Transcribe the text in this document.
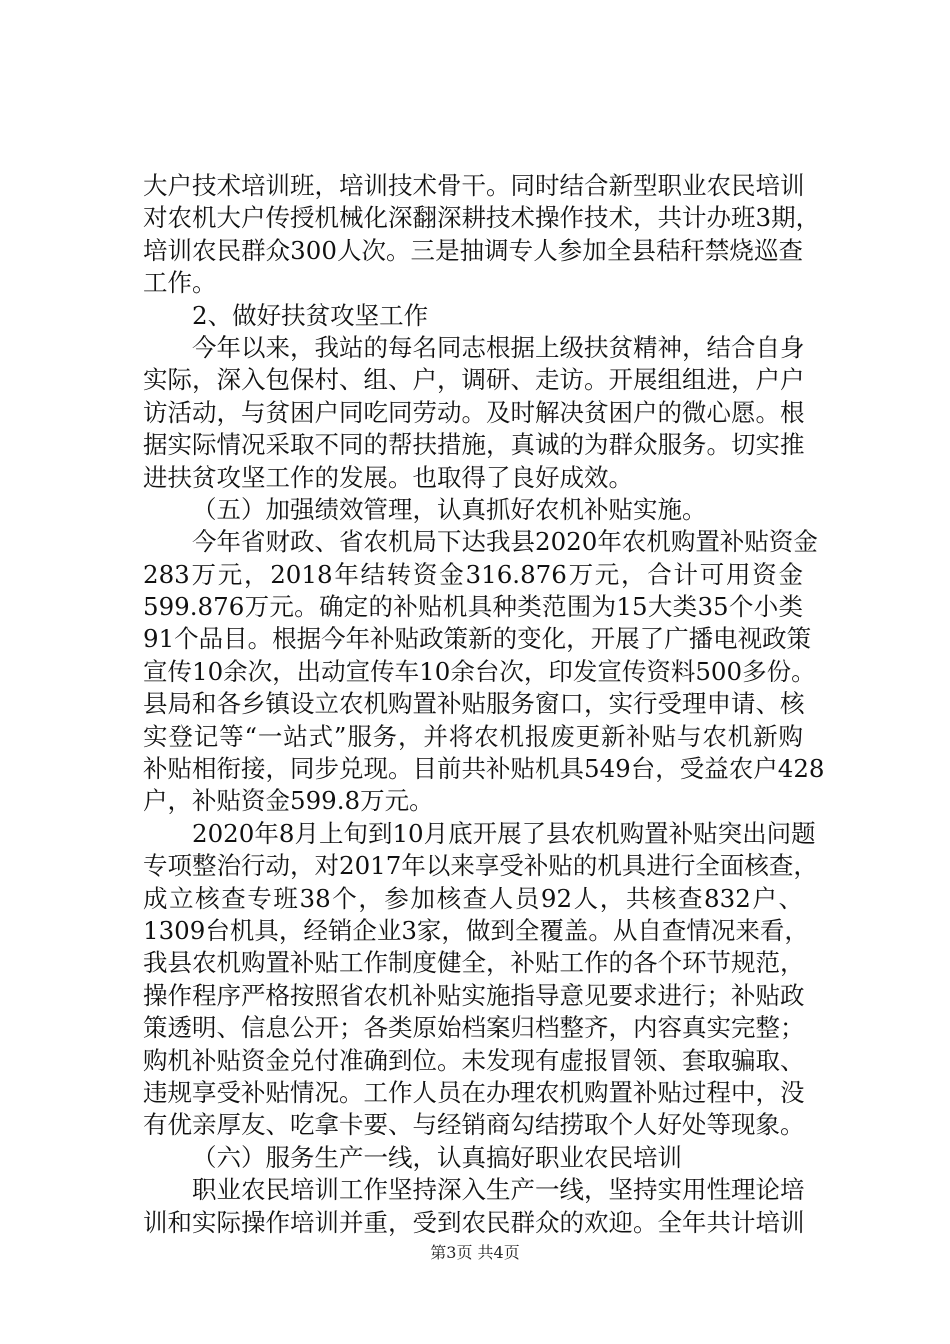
大户技术培训班，培训技术骨干。同时结合新型职业农民培训
对农机大户传授机械化深翻深耕技术操作技术，共计办班3期，
培训农民群众300人次。三是抽调专人参加全县秸秆禁烧巡查
工作。
2、做好扶贫攻坚工作
今年以来，我站的每名同志根据上级扶贫精神，结合自身
实际，深入包保村、组、户，调研、走访。开展组组进，户户
访活动，与贫困户同吃同劳动。及时解决贫困户的微心愿。根
据实际情况采取不同的帮扶措施，真诚的为群众服务。切实推
进扶贫攻坚工作的发展。也取得了良好成效。
（五）加强绩效管理，认真抓好农机补贴实施。
今年省财政、省农机局下达我县2020年农机购置补贴资金
283万元，2018年结转资金316.876万元，合计可用资金
599.876万元。确定的补贴机具种类范围为15大类35个小类
91个品目。根据今年补贴政策新的变化，开展了广播电视政策
宣传10余次，出动宣传车10余台次，印发宣传资料500多份。
县局和各乡镇设立农机购置补贴服务窗口，实行受理申请、核
实登记等“一站式”服务，并将农机报废更新补贴与农机新购
补贴相衔接，同步兑现。目前共补贴机具549台，受益农户428
户，补贴资金599.8万元。
2020年8月上旬到10月底开展了县农机购置补贴突出问题
专项整治行动，对2017年以来享受补贴的机具进行全面核查，
成立核查专班38个，参加核查人员92人，共核查832户、
1309台机具，经销企业3家，做到全覆盖。从自查情况来看，
我县农机购置补贴工作制度健全，补贴工作的各个环节规范，
操作程序严格按照省农机补贴实施指导意见要求进行；补贴政
策透明、信息公开；各类原始档案归档整齐，内容真实完整；
购机补贴资金兑付准确到位。未发现有虚报冒领、套取骗取、
违规享受补贴情况。工作人员在办理农机购置补贴过程中，没
有优亲厚友、吃拿卡要、与经销商勾结捞取个人好处等现象。
（六）服务生产一线，认真搞好职业农民培训
职业农民培训工作坚持深入生产一线，坚持实用性理论培
训和实际操作培训并重，受到农民群众的欢迎。全年共计培训
第3页 共4页
